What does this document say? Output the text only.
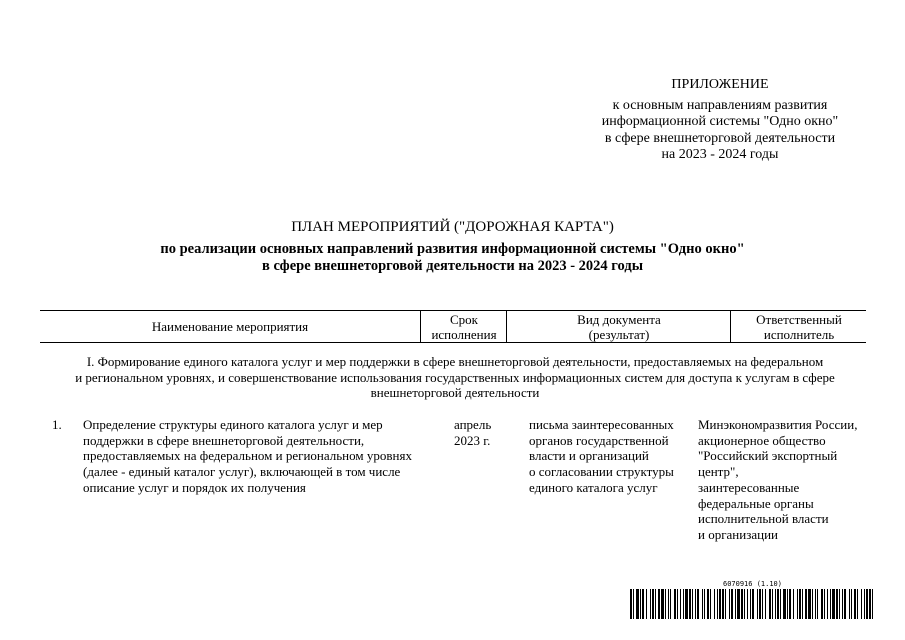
ПРИЛОЖЕНИЕ
к основным направлениям развития
информационной системы "Одно окно"
в сфере внешнеторговой деятельности
на 2023 - 2024 годы
ПЛАН МЕРОПРИЯТИЙ ("ДОРОЖНАЯ КАРТА")
по реализации основных направлений развития информационной системы "Одно окно"
в сфере внешнеторговой деятельности на 2023 - 2024 годы
Наименование мероприятия	Срок
исполнения
Вид документа
(результат)
Ответственный исполнитель
I. Формирование единого каталога услуг и мер поддержки в сфере внешнеторговой деятельности, предоставляемых на федеральном
и региональном уровнях, и совершенствование использования государственных информационных систем для доступа к услугам в сфере
внешнеторговой деятельности
1.	Определение структуры единого каталога услуг и мер
поддержки в сфере внешнеторговой деятельности,
предоставляемых на федеральном и региональном уровнях
(далее - единый каталог услуг), включающей в том числе
описание услуг и порядок их получения
апрель
2023 г.
письма заинтересованных
органов государственной
власти и организаций
о согласовании структуры
единого каталога услуг
Минэкономразвития России,
акционерное общество
"Российский экспортный
центр",
заинтересованные
федеральные органы
исполнительной власти
и организации
6070916 (1.10)
